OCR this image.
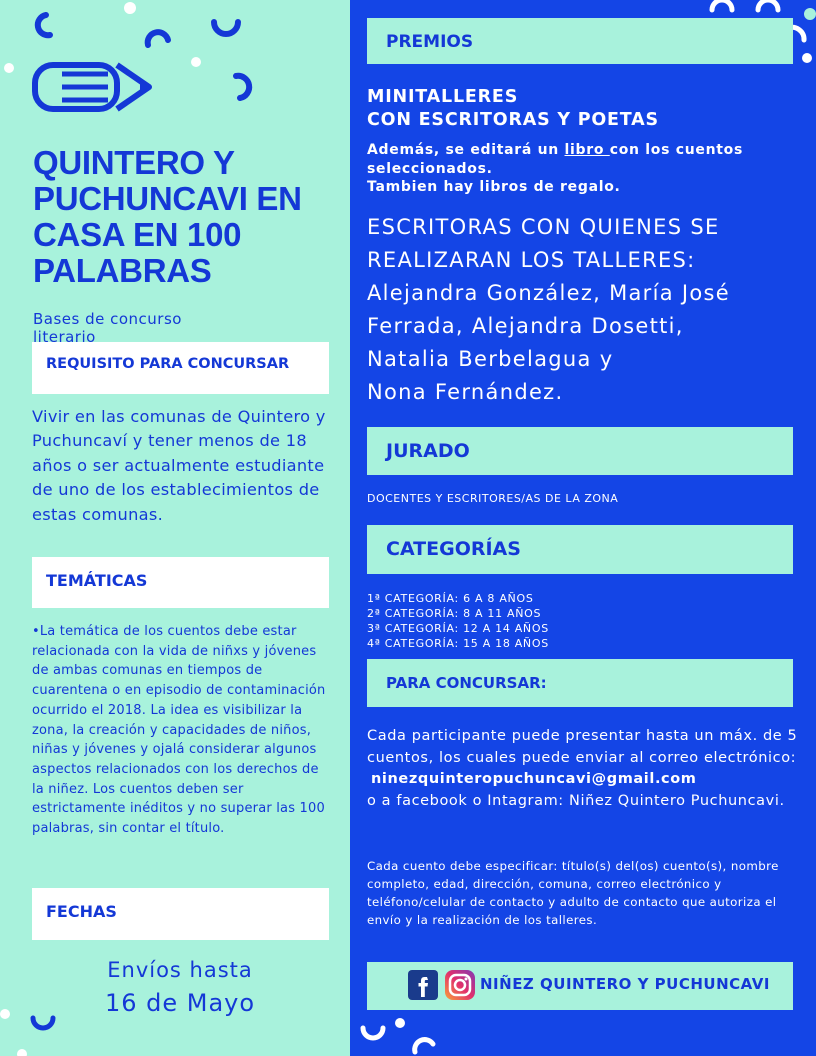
QUINTERO Y
PUCHUNCAVI EN
CASA EN 100
PALABRAS
Bases de concurso literario
REQUISITO PARA CONCURSAR
Vivir en las comunas de Quintero y Puchuncaví y tener menos de 18 años o ser actualmente estudiante de uno de los establecimientos de estas comunas.
TEMÁTICAS
•La temática de los cuentos debe estar relacionada con la vida de niñxs y jóvenes de ambas comunas en tiempos de cuarentena o en episodio de contaminación ocurrido el 2018. La idea es visibilizar la zona, la creación y capacidades de niños, niñas y jóvenes y ojalá considerar algunos aspectos relacionados con los derechos de la niñez. Los cuentos deben ser estrictamente inéditos y no superar las 100 palabras, sin contar el título.
FECHAS
Envíos hasta
16 de Mayo
PREMIOS
MINITALLERES
CON ESCRITORAS Y POETAS
Además, se editará un libro con los cuentos seleccionados.
Tambien hay libros de regalo.
ESCRITORAS CON QUIENES SE
REALIZARAN LOS TALLERES:
Alejandra González, María José
Ferrada, Alejandra Dosetti,
Natalia Berbelagua y
Nona Fernández.
JURADO
DOCENTES Y ESCRITORES/AS DE LA ZONA
CATEGORÍAS
1ª CATEGORÍA: 6 A 8 AÑOS
2ª CATEGORÍA: 8 A 11 AÑOS
3ª CATEGORÍA: 12 A 14 AÑOS
4ª CATEGORÍA: 15 A 18 AÑOS
PARA CONCURSAR:
Cada participante puede presentar hasta un máx. de 5 cuentos, los cuales puede enviar al correo electrónico:
ninezquinteropuchuncavi@gmail.com
o a facebook o Intagram: Niñez Quintero Puchuncavi.
Cada cuento debe especificar: título(s) del(os) cuento(s), nombre completo, edad, dirección, comuna, correo electrónico y teléfono/celular de contacto y adulto de contacto que autoriza el envío y la realización de los talleres.
NIÑEZ QUINTERO Y PUCHUNCAVI
